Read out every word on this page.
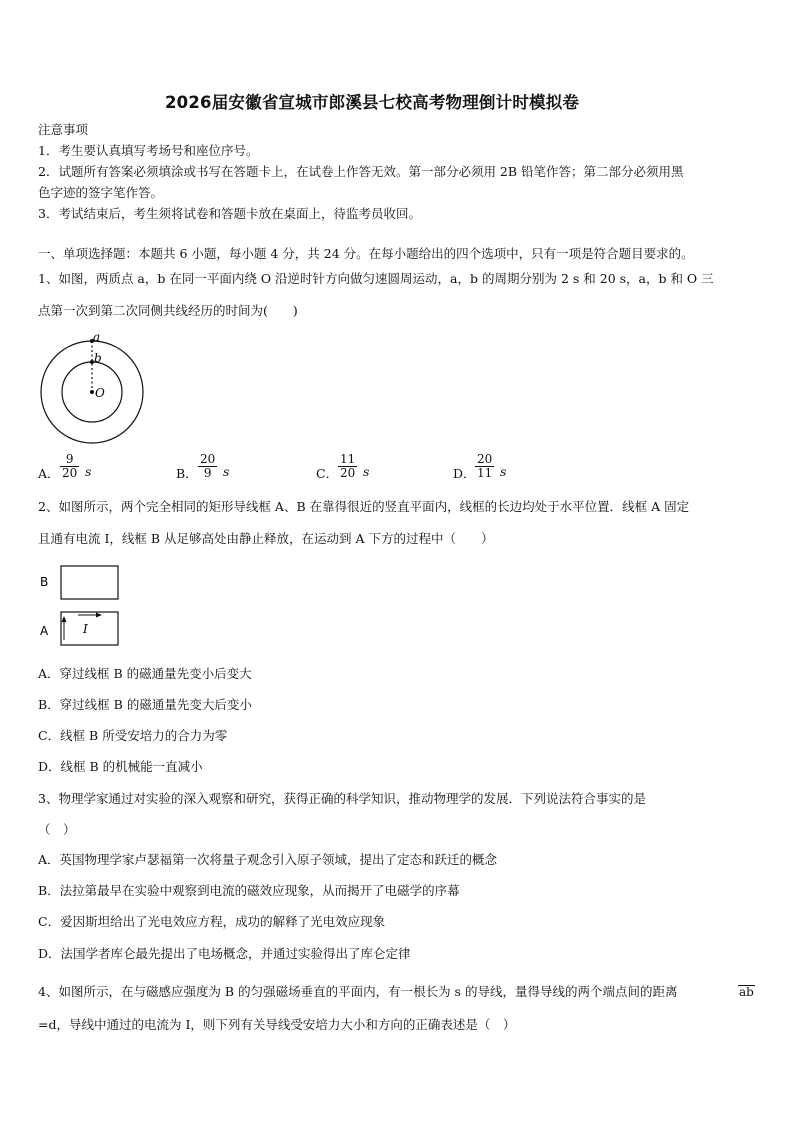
2026届安徽省宣城市郎溪县七校高考物理倒计时模拟卷
注意事项
1．考生要认真填写考场号和座位序号。
2．试题所有答案必须填涂或书写在答题卡上，在试卷上作答无效。第一部分必须用 2B 铅笔作答；第二部分必须用黑
色字迹的签字笔作答。
3．考试结束后，考生须将试卷和答题卡放在桌面上，待监考员收回。
一、单项选择题：本题共 6 小题，每小题 4 分，共 24 分。在每小题给出的四个选项中，只有一项是符合题目要求的。
1、如图，两质点 a，b 在同一平面内绕 O 沿逆时针方向做匀速圆周运动，a，b 的周期分别为 2 s 和 20 s，a，b 和 O 三
点第一次到第二次同侧共线经历的时间为(　　)
a
b
O
A． $\frac{9}{20}$ s	B． $\frac{20}{9}$ s	C． $\frac{11}{20}$ s	D． $\frac{20}{11}$ s
2、如图所示，两个完全相同的矩形导线框 A、B 在靠得很近的竖直平面内，线框的长边均处于水平位置．线框 A 固定
且通有电流 I，线框 B 从足够高处由静止释放，在运动到 A 下方的过程中（　　）
B
A	I
A．穿过线框 B 的磁通量先变小后变大
B．穿过线框 B 的磁通量先变大后变小
C．线框 B 所受安培力的合力为零
D．线框 B 的机械能一直减小
3、物理学家通过对实验的深入观察和研究，获得正确的科学知识，推动物理学的发展．下列说法符合事实的是
（　）
A．英国物理学家卢瑟福第一次将量子观念引入原子领域，提出了定态和跃迁的概念
B．法拉第最早在实验中观察到电流的磁效应现象，从而揭开了电磁学的序幕
C．爱因斯坦给出了光电效应方程，成功的解释了光电效应现象
D．法国学者库仑最先提出了电场概念，并通过实验得出了库仑定律
4、如图所示，在与磁感应强度为 B 的匀强磁场垂直的平面内，有一根长为 s 的导线，量得导线的两个端点间的距离	ab
=d，导线中通过的电流为 I，则下列有关导线受安培力大小和方向的正确表述是（　）
